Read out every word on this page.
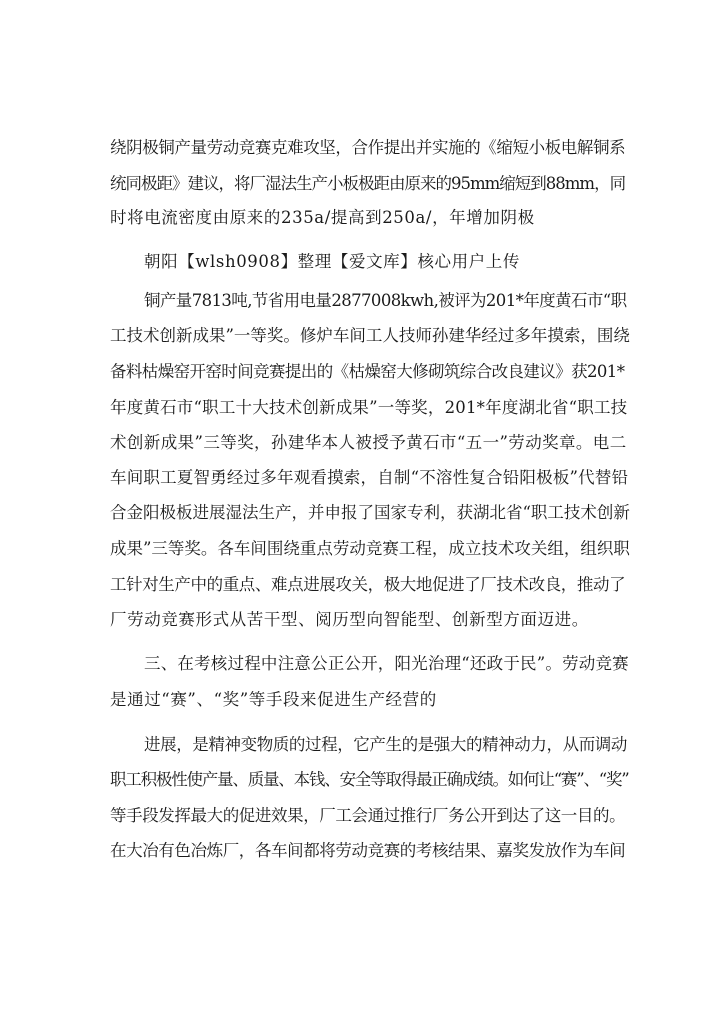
绕阴极铜产量劳动竞赛克难攻坚，合作提出并实施的《缩短小板电解铜系
统同极距》建议，将厂湿法生产小板极距由原来的95mm缩短到88mm，同
时将电流密度由原来的235a/提高到250a/，年增加阴极
朝阳【wlsh0908】整理【爱文库】核心用户上传
铜产量7813吨,节省用电量2877008kwh,被评为201*年度黄石市“职
工技术创新成果”一等奖。修炉车间工人技师孙建华经过多年摸索，围绕
备料枯燥窑开窑时间竞赛提出的《枯燥窑大修砌筑综合改良建议》获201*
年度黄石市“职工十大技术创新成果”一等奖，201*年度湖北省“职工技
术创新成果”三等奖，孙建华本人被授予黄石市“五一”劳动奖章。电二
车间职工夏智勇经过多年观看摸索，自制“不溶性复合铅阳极板”代替铅
合金阳极板进展湿法生产，并申报了国家专利，获湖北省“职工技术创新
成果”三等奖。各车间围绕重点劳动竞赛工程，成立技术攻关组，组织职
工针对生产中的重点、难点进展攻关，极大地促进了厂技术改良，推动了
厂劳动竞赛形式从苦干型、阅历型向智能型、创新型方面迈进。
三、在考核过程中注意公正公开，阳光治理“还政于民”。劳动竞赛
是通过“赛”、“奖”等手段来促进生产经营的
进展，是精神变物质的过程，它产生的是强大的精神动力，从而调动
职工积极性使产量、质量、本钱、安全等取得最正确成绩。如何让“赛”、“奖”
等手段发挥最大的促进效果，厂工会通过推行厂务公开到达了这一目的。
在大冶有色冶炼厂，各车间都将劳动竞赛的考核结果、嘉奖发放作为车间
